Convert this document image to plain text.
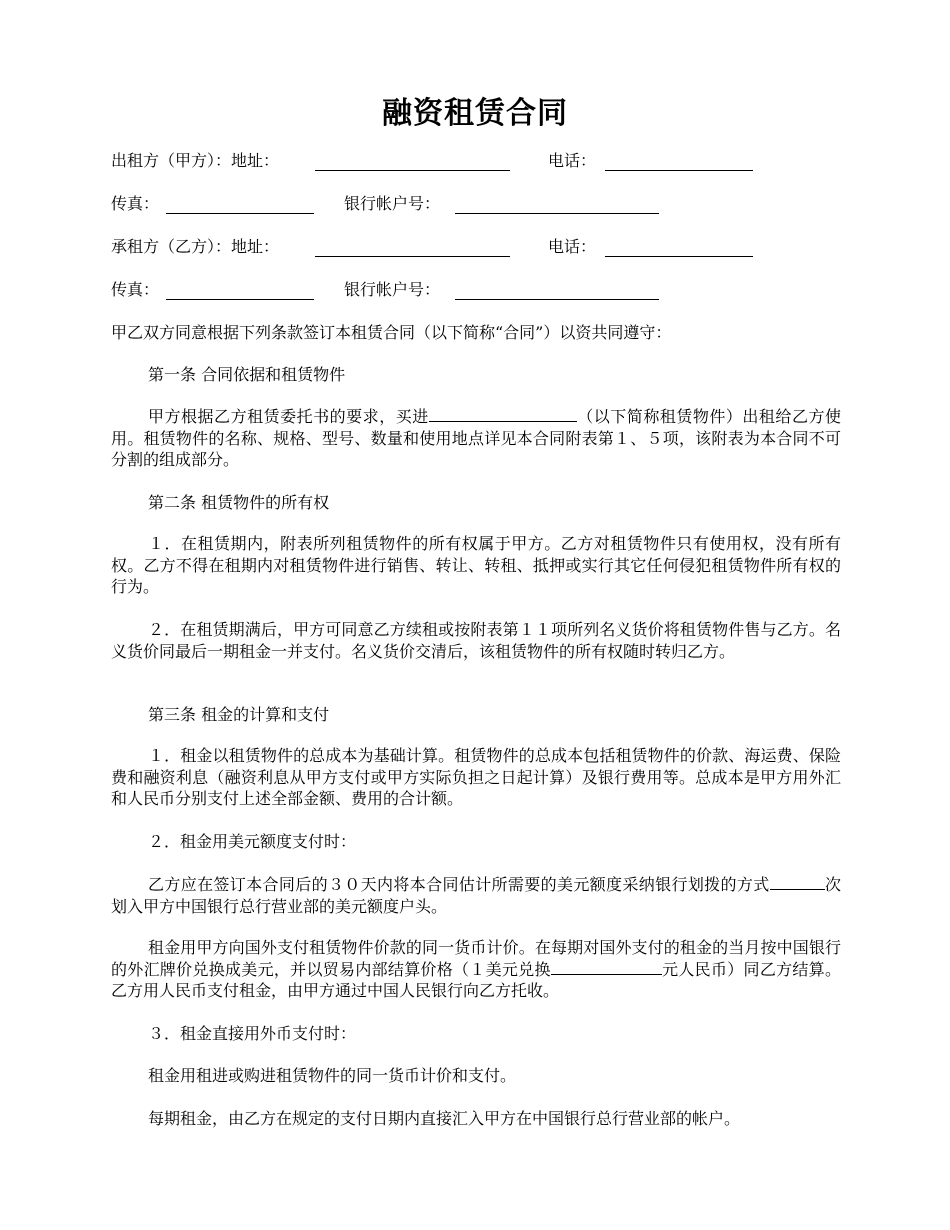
融资租赁合同
出租方（甲方）：地址：	电话：
传真：	银行帐户号：
承租方（乙方）：地址：	电话：
传真：	银行帐户号：
甲乙双方同意根据下列条款签订本租赁合同（以下简称“合同”）以资共同遵守：
第一条 合同依据和租赁物件
甲方根据乙方租赁委托书的要求，买进	（以下简称租赁物件）出租给乙方使用。租赁物件的名称、规格、型号、数量和使用地点详见本合同附表第１、５项，该附表为本合同不可分割的组成部分。
第二条 租赁物件的所有权
１．在租赁期内，附表所列租赁物件的所有权属于甲方。乙方对租赁物件只有使用权，没有所有权。乙方不得在租期内对租赁物件进行销售、转让、转租、抵押或实行其它任何侵犯租赁物件所有权的行为。
２．在租赁期满后，甲方可同意乙方续租或按附表第１１项所列名义货价将租赁物件售与乙方。名义货价同最后一期租金一并支付。名义货价交清后，该租赁物件的所有权随时转归乙方。
第三条 租金的计算和支付
１．租金以租赁物件的总成本为基础计算。租赁物件的总成本包括租赁物件的价款、海运费、保险费和融资利息（融资利息从甲方支付或甲方实际负担之日起计算）及银行费用等。总成本是甲方用外汇和人民币分别支付上述全部金额、费用的合计额。
２．租金用美元额度支付时：
乙方应在签订本合同后的３０天内将本合同估计所需要的美元额度采纳银行划拨的方式	次划入甲方中国银行总行营业部的美元额度户头。
租金用甲方向国外支付租赁物件价款的同一货币计价。在每期对国外支付的租金的当月按中国银行的外汇牌价兑换成美元，并以贸易内部结算价格（１美元兑换	元人民币）同乙方结算。乙方用人民币支付租金，由甲方通过中国人民银行向乙方托收。
３．租金直接用外币支付时：
租金用租进或购进租赁物件的同一货币计价和支付。
每期租金，由乙方在规定的支付日期内直接汇入甲方在中国银行总行营业部的帐户。
